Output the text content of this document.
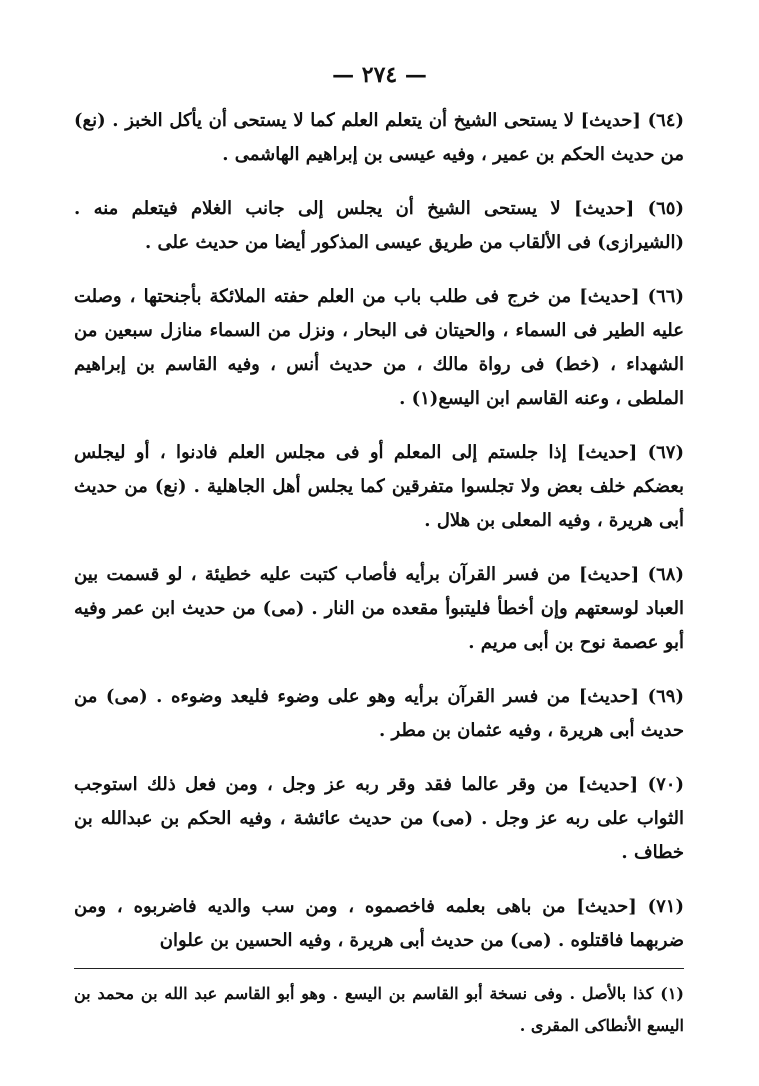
— ٢٧٤ —

(٦٤) [حديث] لا يستحى الشيخ أن يتعلم العلم كما لا يستحى أن يأكل الخبز . (نع) من حديث الحكم بن عمير ، وفيه عيسى بن إبراهيم الهاشمى .

(٦٥) [حديث] لا يستحى الشيخ أن يجلس إلى جانب الغلام فيتعلم منه . (الشيرازى) فى الألقاب من طريق عيسى المذكور أيضا من حديث على .

(٦٦) [حديث] من خرج فى طلب باب من العلم حفته الملائكة بأجنحتها ، وصلت عليه الطير فى السماء ، والحيتان فى البحار ، ونزل من السماء منازل سبعين من الشهداء ، (خط) فى رواة مالك ، من حديث أنس ، وفيه القاسم بن إبراهيم الملطى ، وعنه القاسم ابن اليسع(١) .

(٦٧) [حديث] إذا جلستم إلى المعلم أو فى مجلس العلم فادنوا ، أو ليجلس بعضكم خلف بعض ولا تجلسوا متفرقين كما يجلس أهل الجاهلية . (نع) من حديث أبى هريرة ، وفيه المعلى بن هلال .

(٦٨) [حديث] من فسر القرآن برأيه فأصاب كتبت عليه خطيئة ، لو قسمت بين العباد لوسعتهم وإن أخطأ فليتبوأ مقعده من النار . (مى) من حديث ابن عمر وفيه أبو عصمة نوح بن أبى مريم .

(٦٩) [حديث] من فسر القرآن برأيه وهو على وضوء فليعد وضوءه . (مى) من حديث أبى هريرة ، وفيه عثمان بن مطر .

(٧٠) [حديث] من وقر عالما فقد وقر ربه عز وجل ، ومن فعل ذلك استوجب الثواب على ربه عز وجل . (مى) من حديث عائشة ، وفيه الحكم بن عبدالله بن خطاف .

(٧١) [حديث] من باهى بعلمه فاخصموه ، ومن سب والديه فاضربوه ، ومن ضربهما فاقتلوه . (مى) من حديث أبى هريرة ، وفيه الحسين بن علوان

(١) كذا بالأصل . وفى نسخة أبو القاسم بن اليسع . وهو أبو القاسم عبد الله بن محمد بن اليسع الأنطاكى المقرى .
